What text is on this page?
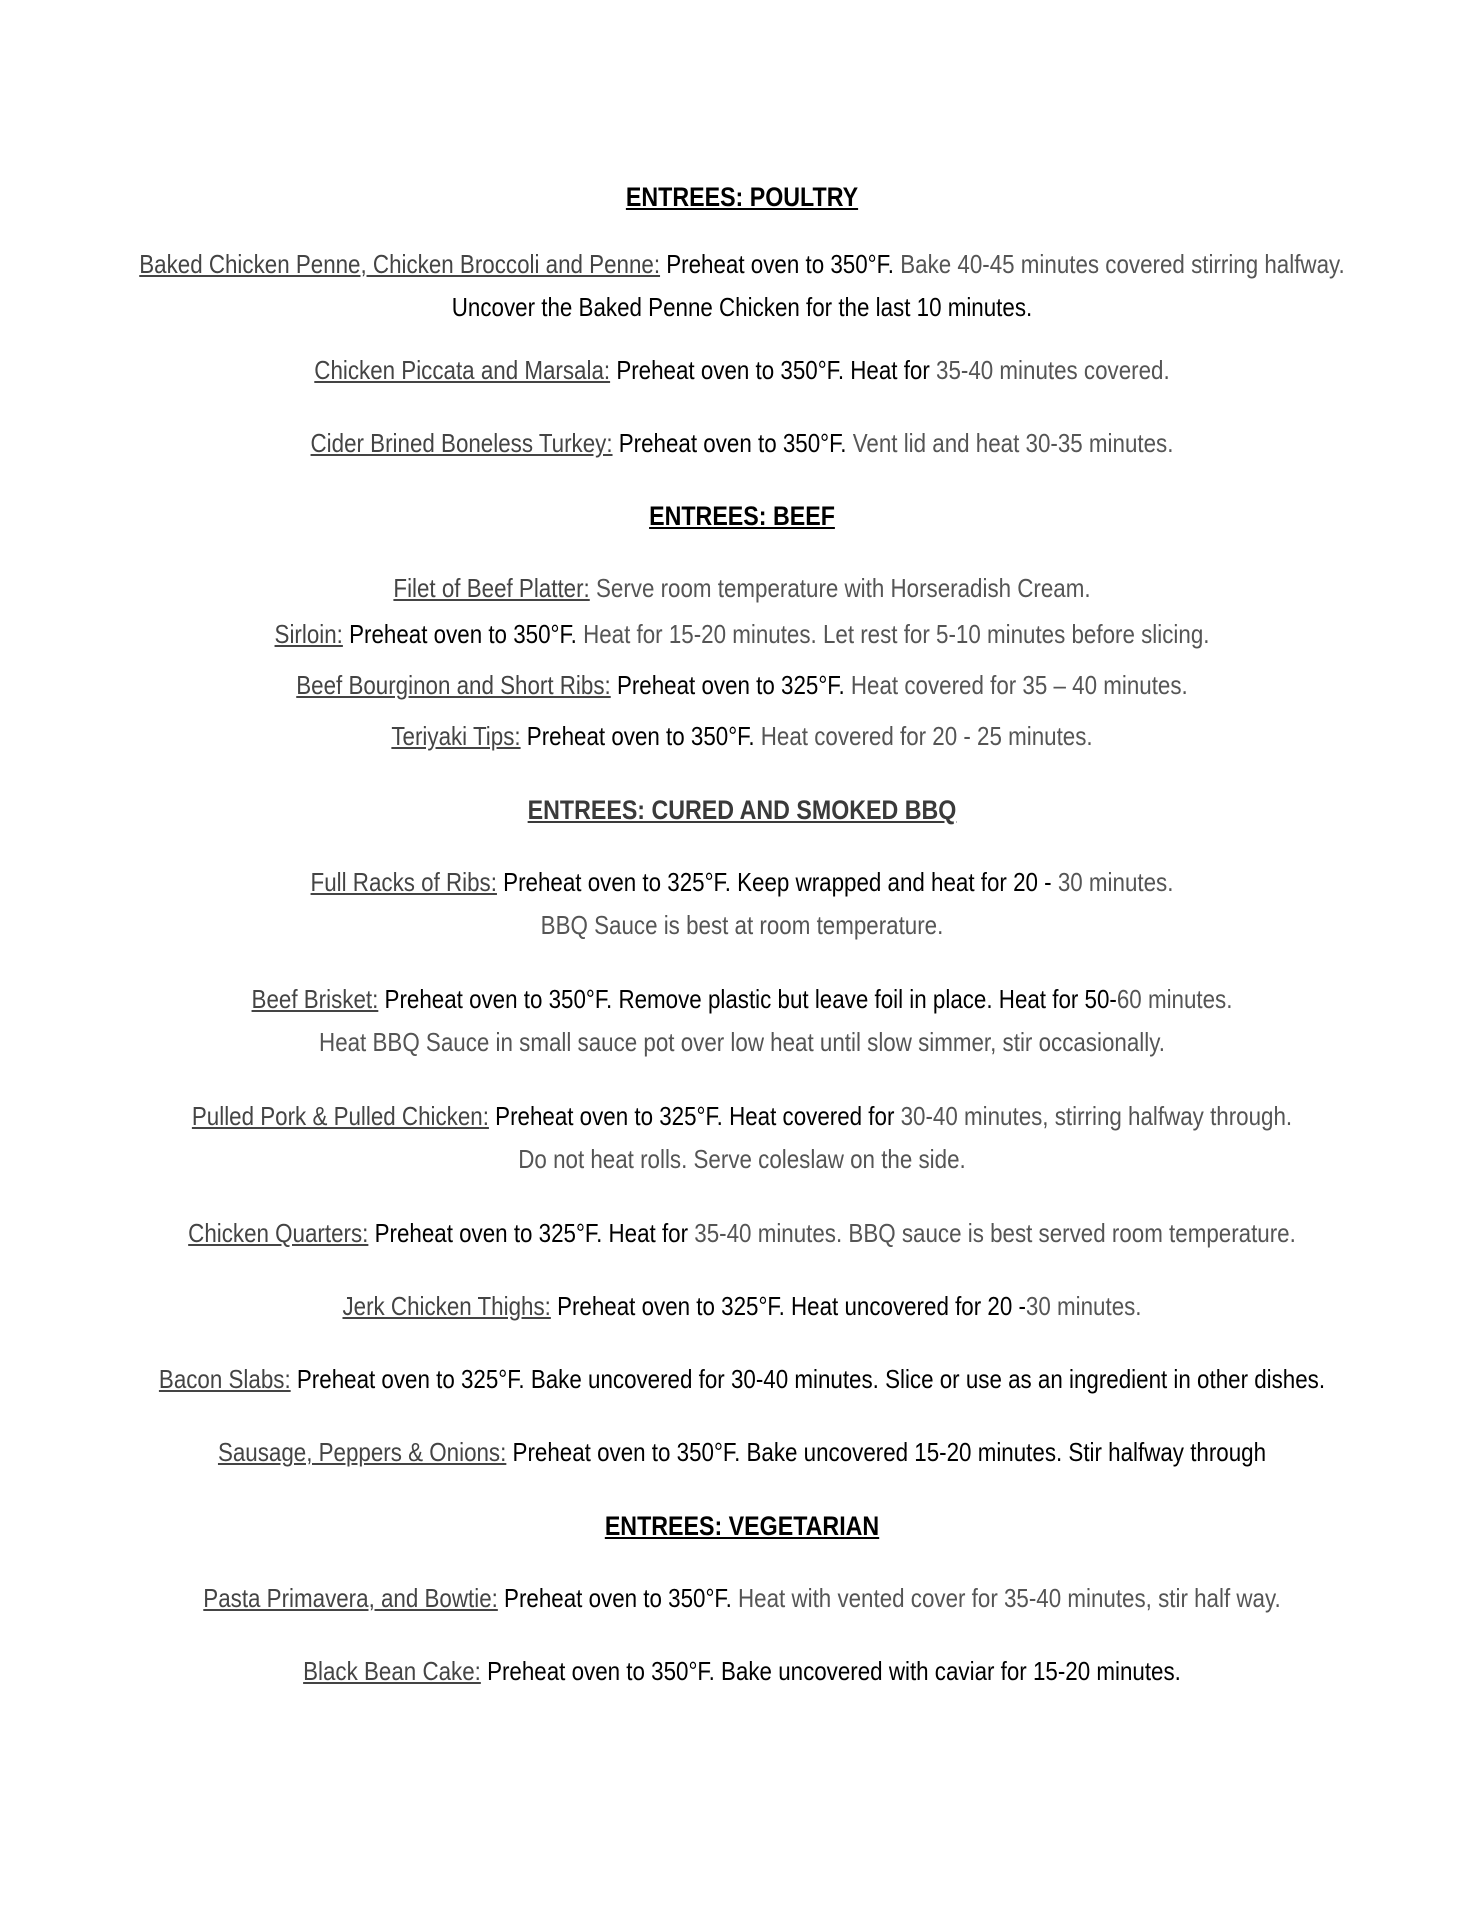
ENTREES: POULTRY
Baked Chicken Penne, Chicken Broccoli and Penne: Preheat oven to 350°F. Bake 40-45 minutes covered stirring halfway.
Uncover the Baked Penne Chicken for the last 10 minutes.
Chicken Piccata and Marsala: Preheat oven to 350°F. Heat for 35-40 minutes covered.
Cider Brined Boneless Turkey: Preheat oven to 350°F. Vent lid and heat 30-35 minutes.
ENTREES: BEEF
Filet of Beef Platter: Serve room temperature with Horseradish Cream.
Sirloin: Preheat oven to 350°F. Heat for 15-20 minutes. Let rest for 5-10 minutes before slicing.
Beef Bourginon and Short Ribs: Preheat oven to 325°F. Heat covered for 35 – 40 minutes.
Teriyaki Tips: Preheat oven to 350°F. Heat covered for 20 - 25 minutes.
ENTREES: CURED AND SMOKED BBQ
Full Racks of Ribs: Preheat oven to 325°F. Keep wrapped and heat for 20 - 30 minutes.
BBQ Sauce is best at room temperature.
Beef Brisket: Preheat oven to 350°F. Remove plastic but leave foil in place. Heat for 50-60 minutes.
Heat BBQ Sauce in small sauce pot over low heat until slow simmer, stir occasionally.
Pulled Pork & Pulled Chicken: Preheat oven to 325°F. Heat covered for 30-40 minutes, stirring halfway through.
Do not heat rolls. Serve coleslaw on the side.
Chicken Quarters: Preheat oven to 325°F. Heat for 35-40 minutes. BBQ sauce is best served room temperature.
Jerk Chicken Thighs: Preheat oven to 325°F. Heat uncovered for 20 -30 minutes.
Bacon Slabs: Preheat oven to 325°F. Bake uncovered for 30-40 minutes. Slice or use as an ingredient in other dishes.
Sausage, Peppers & Onions: Preheat oven to 350°F. Bake uncovered 15-20 minutes. Stir halfway through
ENTREES: VEGETARIAN
Pasta Primavera, and Bowtie: Preheat oven to 350°F. Heat with vented cover for 35-40 minutes, stir half way.
Black Bean Cake: Preheat oven to 350°F. Bake uncovered with caviar for 15-20 minutes.
